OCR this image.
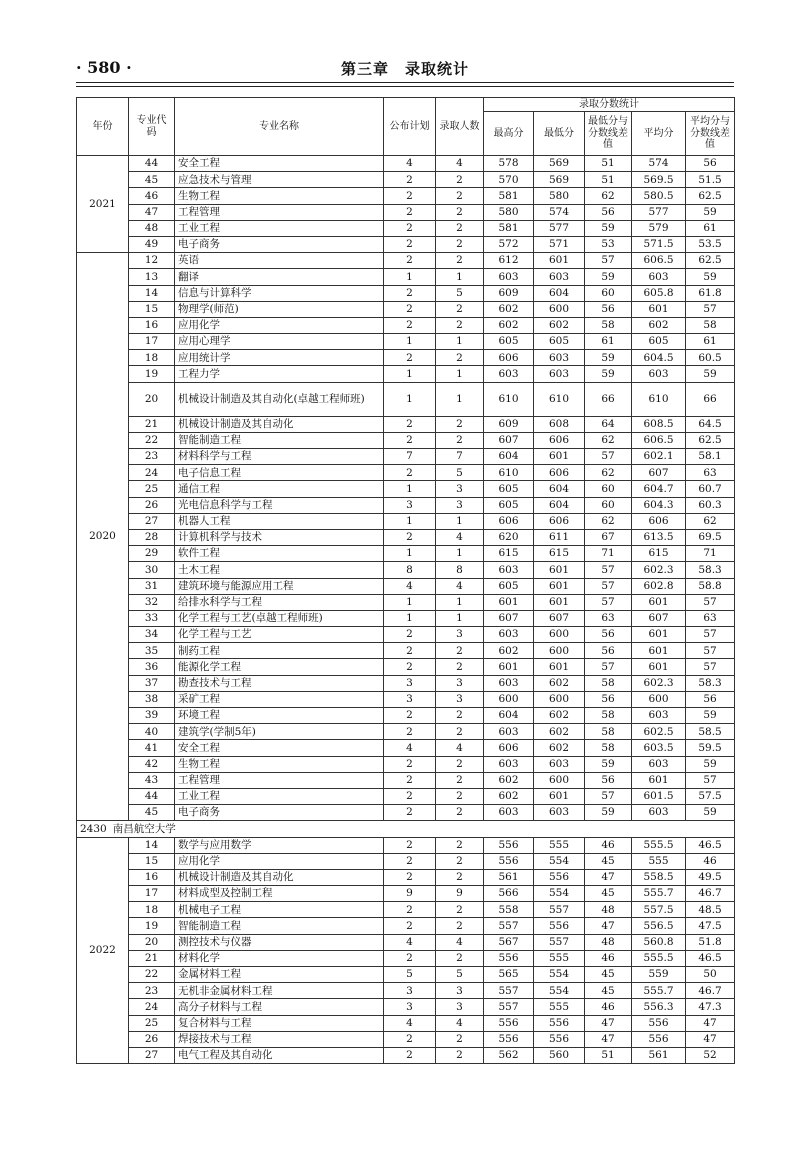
· 580 ·	第三章　录取统计
年份	专业代码	专业名称	公布计划	录取人数	录取分数统计				
					最高分	最低分	最低分与分数线差值	平均分	平均分与分数线差值
2021	44	安全工程	4	4	578	569	51	574	56
	45	应急技术与管理	2	2	570	569	51	569.5	51.5
	46	生物工程	2	2	581	580	62	580.5	62.5
	47	工程管理	2	2	580	574	56	577	59
	48	工业工程	2	2	581	577	59	579	61
	49	电子商务	2	2	572	571	53	571.5	53.5
2020	12	英语	2	2	612	601	57	606.5	62.5
	13	翻译	1	1	603	603	59	603	59
	14	信息与计算科学	2	5	609	604	60	605.8	61.8
	15	物理学(师范)	2	2	602	600	56	601	57
	16	应用化学	2	2	602	602	58	602	58
	17	应用心理学	1	1	605	605	61	605	61
	18	应用统计学	2	2	606	603	59	604.5	60.5
	19	工程力学	1	1	603	603	59	603	59
	20	机械设计制造及其自动化(卓越工程师班)	1	1	610	610	66	610	66
	21	机械设计制造及其自动化	2	2	609	608	64	608.5	64.5
	22	智能制造工程	2	2	607	606	62	606.5	62.5
	23	材料科学与工程	7	7	604	601	57	602.1	58.1
	24	电子信息工程	2	5	610	606	62	607	63
	25	通信工程	1	3	605	604	60	604.7	60.7
	26	光电信息科学与工程	3	3	605	604	60	604.3	60.3
	27	机器人工程	1	1	606	606	62	606	62
	28	计算机科学与技术	2	4	620	611	67	613.5	69.5
	29	软件工程	1	1	615	615	71	615	71
	30	土木工程	8	8	603	601	57	602.3	58.3
	31	建筑环境与能源应用工程	4	4	605	601	57	602.8	58.8
	32	给排水科学与工程	1	1	601	601	57	601	57
	33	化学工程与工艺(卓越工程师班)	1	1	607	607	63	607	63
	34	化学工程与工艺	2	3	603	600	56	601	57
	35	制药工程	2	2	602	600	56	601	57
	36	能源化学工程	2	2	601	601	57	601	57
	37	勘查技术与工程	3	3	603	602	58	602.3	58.3
	38	采矿工程	3	3	600	600	56	600	56
	39	环境工程	2	2	604	602	58	603	59
	40	建筑学(学制5年)	2	2	603	602	58	602.5	58.5
	41	安全工程	4	4	606	602	58	603.5	59.5
	42	生物工程	2	2	603	603	59	603	59
	43	工程管理	2	2	602	600	56	601	57
	44	工业工程	2	2	602	601	57	601.5	57.5
	45	电子商务	2	2	603	603	59	603	59
2430 南昌航空大学									
2022	14	数学与应用数学	2	2	556	555	46	555.5	46.5
	15	应用化学	2	2	556	554	45	555	46
	16	机械设计制造及其自动化	2	2	561	556	47	558.5	49.5
	17	材料成型及控制工程	9	9	566	554	45	555.7	46.7
	18	机械电子工程	2	2	558	557	48	557.5	48.5
	19	智能制造工程	2	2	557	556	47	556.5	47.5
	20	测控技术与仪器	4	4	567	557	48	560.8	51.8
	21	材料化学	2	2	556	555	46	555.5	46.5
	22	金属材料工程	5	5	565	554	45	559	50
	23	无机非金属材料工程	3	3	557	554	45	555.7	46.7
	24	高分子材料与工程	3	3	557	555	46	556.3	47.3
	25	复合材料与工程	4	4	556	556	47	556	47
	26	焊接技术与工程	2	2	556	556	47	556	47
	27	电气工程及其自动化	2	2	562	560	51	561	52
